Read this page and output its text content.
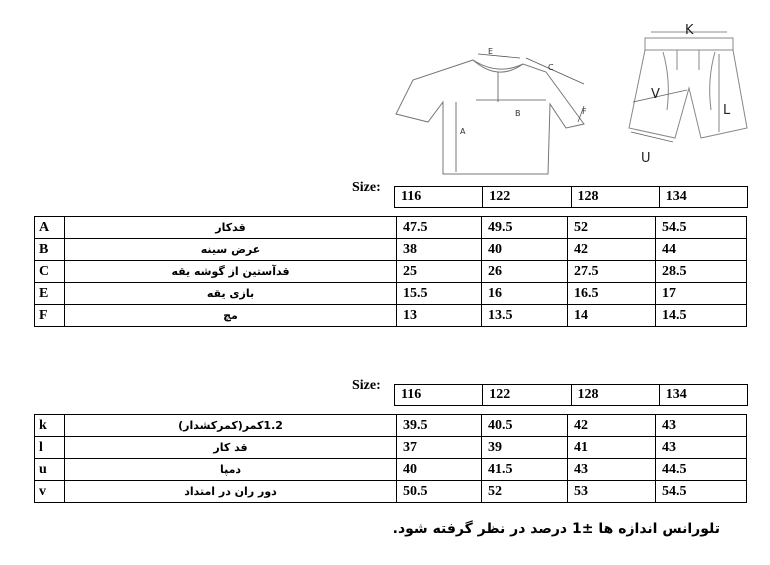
A
B
C
E
F
K
V
L
U
Size:
116	122	128	134
A	قدکار	47.5	49.5	52	54.5
B	عرض سینه	38	40	42	44
C	قدآستین از گوشه یقه	25	26	27.5	28.5
E	بازی یقه	15.5	16	16.5	17
F	مچ	13	13.5	14	14.5
Size:
116	122	128	134
k	1.2کمر(کمرکشدار)	39.5	40.5	42	43
l	قد کار	37	39	41	43
u	دمپا	40	41.5	43	44.5
v	دور ران در امتداد	50.5	52	53	54.5
تلورانس اندازه ها ±1 درصد در نظر گرفته شود.
